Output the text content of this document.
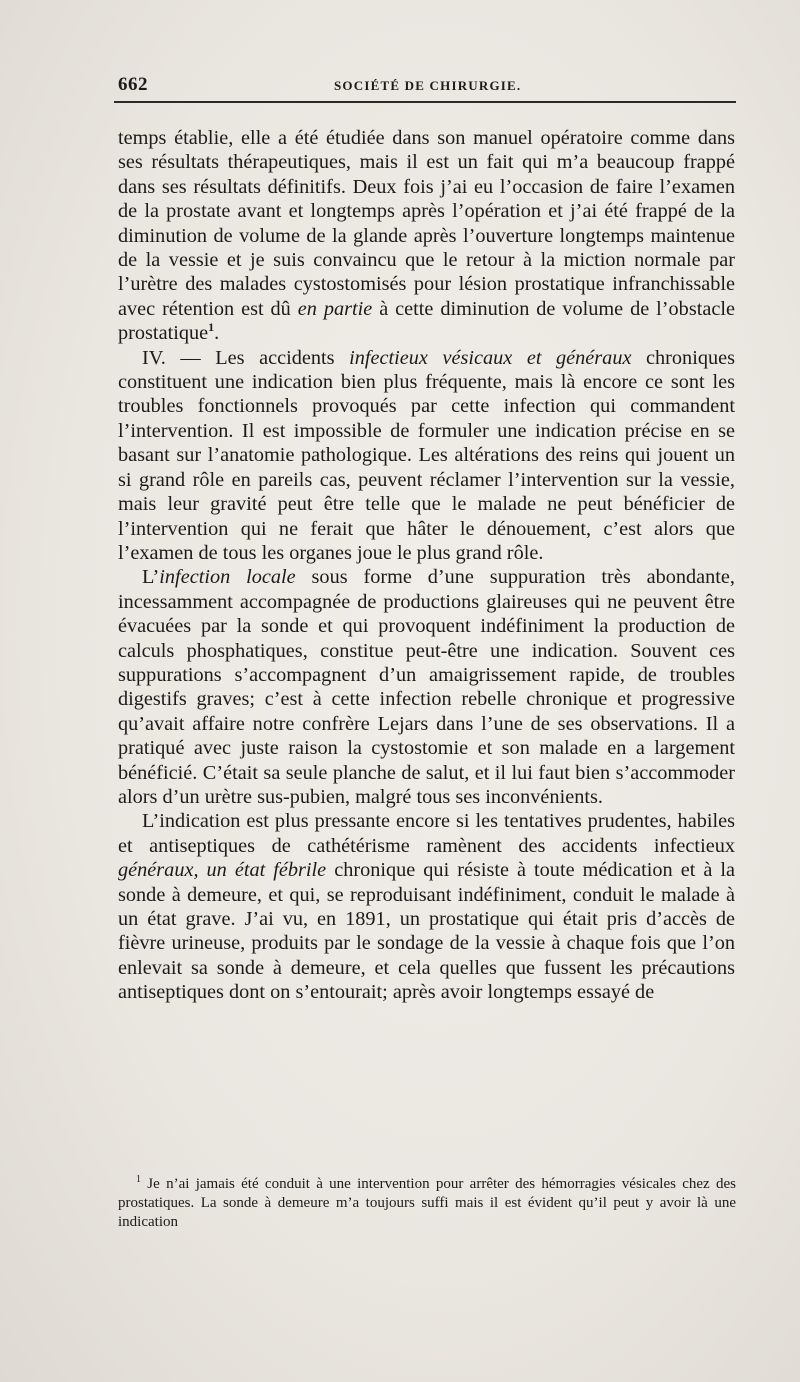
662	SOCIÉTÉ DE CHIRURGIE.

temps établie, elle a été étudiée dans son manuel opératoire comme dans ses résultats thérapeutiques, mais il est un fait qui m’a beaucoup frappé dans ses résultats définitifs. Deux fois j’ai eu l’occasion de faire l’examen de la prostate avant et longtemps après l’opération et j’ai été frappé de la diminution de volume de la glande après l’ouverture longtemps maintenue de la vessie et je suis convaincu que le retour à la miction normale par l’urètre des malades cystostomisés pour lésion prostatique infranchissable avec rétention est dû en partie à cette diminution de volume de l’obstacle prostatique$^1$.

IV. — Les accidents infectieux vésicaux et généraux chroniques constituent une indication bien plus fréquente, mais là encore ce sont les troubles fonctionnels provoqués par cette infection qui commandent l’intervention. Il est impossible de formuler une indication précise en se basant sur l’anatomie pathologique. Les altérations des reins qui jouent un si grand rôle en pareils cas, peuvent réclamer l’intervention sur la vessie, mais leur gravité peut être telle que le malade ne peut bénéficier de l’intervention qui ne ferait que hâter le dénouement, c’est alors que l’examen de tous les organes joue le plus grand rôle.

L’infection locale sous forme d’une suppuration très abondante, incessamment accompagnée de productions glaireuses qui ne peuvent être évacuées par la sonde et qui provoquent indéfiniment la production de calculs phosphatiques, constitue peut-être une indication. Souvent ces suppurations s’accompagnent d’un amaigrissement rapide, de troubles digestifs graves; c’est à cette infection rebelle chronique et progressive qu’avait affaire notre confrère Lejars dans l’une de ses observations. Il a pratiqué avec juste raison la cystostomie et son malade en a largement bénéficié. C’était sa seule planche de salut, et il lui faut bien s’accommoder alors d’un urètre sus-pubien, malgré tous ses inconvénients.

L’indication est plus pressante encore si les tentatives prudentes, habiles et antiseptiques de cathétérisme ramènent des accidents infectieux généraux, un état fébrile chronique qui résiste à toute médication et à la sonde à demeure, et qui, se reproduisant indéfiniment, conduit le malade à un état grave. J’ai vu, en 1891, un prostatique qui était pris d’accès de fièvre urineuse, produits par le sondage de la vessie à chaque fois que l’on enlevait sa sonde à demeure, et cela quelles que fussent les précautions antiseptiques dont on s’entourait; après avoir longtemps essayé de

$^1$ Je n’ai jamais été conduit à une intervention pour arrêter des hémorragies vésicales chez des prostatiques. La sonde à demeure m’a toujours suffi mais il est évident qu’il peut y avoir là une indication
